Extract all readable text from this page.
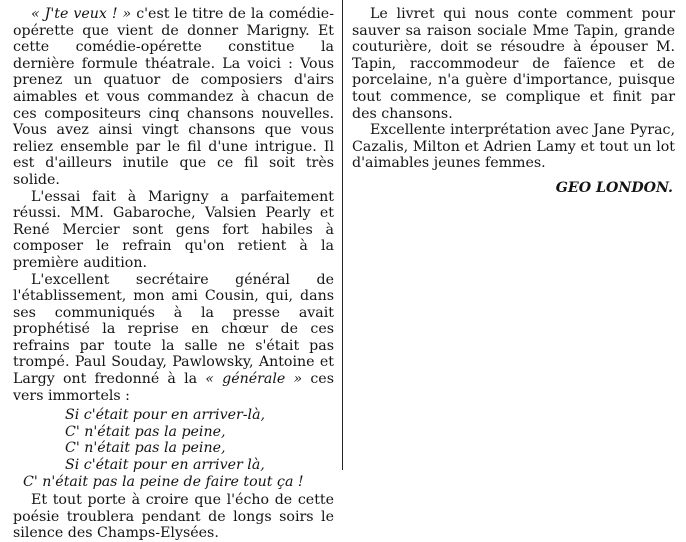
« J'te veux ! » c'est le titre de la comédie-opérette que vient de donner Marigny. Et cette comédie-opérette constitue la dernière formule théatrale. La voici : Vous prenez un quatuor de composiers d'airs aimables et vous commandez à chacun de ces compositeurs cinq chansons nouvelles. Vous avez ainsi vingt chansons que vous reliez ensemble par le fil d'une intrigue. Il est d'ailleurs inutile que ce fil soit très solide.

L'essai fait à Marigny a parfaitement réussi. MM. Gabaroche, Valsien Pearly et René Mercier sont gens fort habiles à composer le refrain qu'on retient à la première audition.

L'excellent secrétaire général de l'établissement, mon ami Cousin, qui, dans ses communiqués à la presse avait prophétisé la reprise en chœur de ces refrains par toute la salle ne s'était pas trompé. Paul Souday, Pawlowsky, Antoine et Largy ont fredonné à la « générale » ces vers immortels :

Si c'était pour en arriver-là,
C' n'était pas la peine,
C' n'était pas la peine,
Si c'était pour en arriver là,
C' n'était pas la peine de faire tout ça !

Et tout porte à croire que l'écho de cette poésie troublera pendant de longs soirs le silence des Champs-Elysées.

Le livret qui nous conte comment pour sauver sa raison sociale Mme Tapin, grande couturière, doit se résoudre à épouser M. Tapin, raccommodeur de faïence et de porcelaine, n'a guère d'importance, puisque tout commence, se complique et finit par des chansons.

Excellente interprétation avec Jane Pyrac, Cazalis, Milton et Adrien Lamy et tout un lot d'aimables jeunes femmes.

GEO LONDON.
